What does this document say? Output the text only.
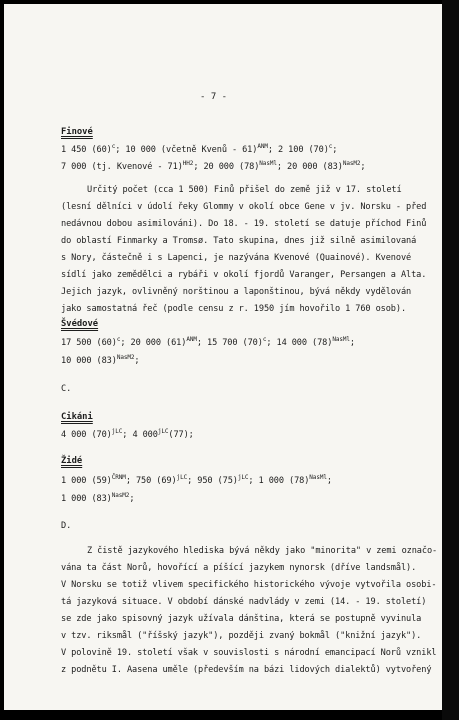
- 7 -
Finové
1 450 $(60)^c$; 10 000 (včetně Kvenů - 61)$^{ANM}$; 2 100 $(70)^c$;
7 000 (tj. Kvenové - 71)$^{HH2}$; 20 000 $(78)^{NasMl}$; 20 000 $(83)^{NasM2}$;
Určitý počet (cca 1 500) Finů přišel do země již v 17. století
(lesní dělníci v údolí řeky Glommy v okolí obce Gene v jv. Norsku - před
nedávnou dobou asimilováni). Do 18. - 19. století se datuje příchod Finů
do oblastí Finmarky a Tromsø. Tato skupina, dnes již silně asimilovaná
s Nory, částečně i s Lapenci, je nazývána Kvenové (Quainové). Kvenové
sídlí jako zemědělci a rybáři v okolí fjordů Varanger, Persangen a Alta.
Jejich jazyk, ovlivněný norštinou a laponštinou, bývá někdy vydělován
jako samostatná řeč (podle censu z r. 1950 jím hovořilo 1 760 osob).
Švédové
17 500 $(60)^c$; 20 000 $(61)^{ANM}$; 15 700 $(70)^c$; 14 000 $(78)^{NasMl}$;
10 000 $(83)^{NasM2}$;
C.
Cikáni
4 000 $(70)^{jLC}$; 4 $000^{jLC}(77)$;
Židé
1 000 $(59)^{ČRNM}$; 750 $(69)^{jLC}$; 950 $(75)^{jLC}$; 1 000 $(78)^{NasMl}$;
1 000 $(83)^{NasM2}$;
D.
Z čistě jazykového hlediska bývá někdy jako "minorita" v zemi označo-
vána ta část Norů, hovořící a píšící jazykem nynorsk (dříve landsmål).
V Norsku se totiž vlivem specifického historického vývoje vytvořila osobi-
tá jazyková situace. V období dánské nadvlády v zemi (14. - 19. století)
se zde jako spisovný jazyk užívala dánština, která se postupně vyvinula
v tzv. riksmål ("říšský jazyk"), později zvaný bokmål ("knižní jazyk").
V polovině 19. století však v souvislosti s národní emancipací Norů vznikl
z podnětu I. Aasena uměle (především na bázi lidových dialektů) vytvořený
